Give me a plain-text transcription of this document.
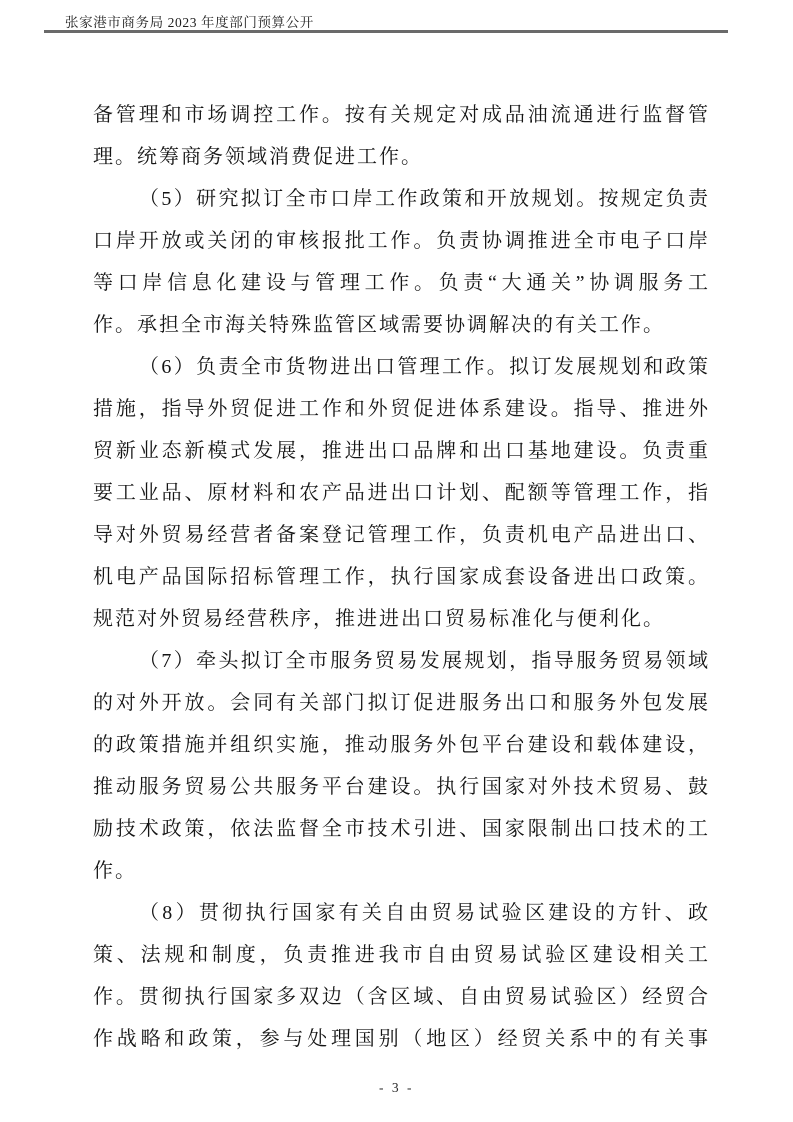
张家港市商务局 2023 年度部门预算公开
备管理和市场调控工作。按有关规定对成品油流通进行监督管
理。统筹商务领域消费促进工作。
（5）研究拟订全市口岸工作政策和开放规划。按规定负责
口岸开放或关闭的审核报批工作。负责协调推进全市电子口岸
等口岸信息化建设与管理工作。负责“大通关”协调服务工
作。承担全市海关特殊监管区域需要协调解决的有关工作。
（6）负责全市货物进出口管理工作。拟订发展规划和政策
措施，指导外贸促进工作和外贸促进体系建设。指导、推进外
贸新业态新模式发展，推进出口品牌和出口基地建设。负责重
要工业品、原材料和农产品进出口计划、配额等管理工作，指
导对外贸易经营者备案登记管理工作，负责机电产品进出口、
机电产品国际招标管理工作，执行国家成套设备进出口政策。
规范对外贸易经营秩序，推进进出口贸易标准化与便利化。
（7）牵头拟订全市服务贸易发展规划，指导服务贸易领域
的对外开放。会同有关部门拟订促进服务出口和服务外包发展
的政策措施并组织实施，推动服务外包平台建设和载体建设，
推动服务贸易公共服务平台建设。执行国家对外技术贸易、鼓
励技术政策，依法监督全市技术引进、国家限制出口技术的工
作。
（8）贯彻执行国家有关自由贸易试验区建设的方针、政
策、法规和制度，负责推进我市自由贸易试验区建设相关工
作。贯彻执行国家多双边（含区域、自由贸易试验区）经贸合
作战略和政策，参与处理国别（地区）经贸关系中的有关事
- 3 -
